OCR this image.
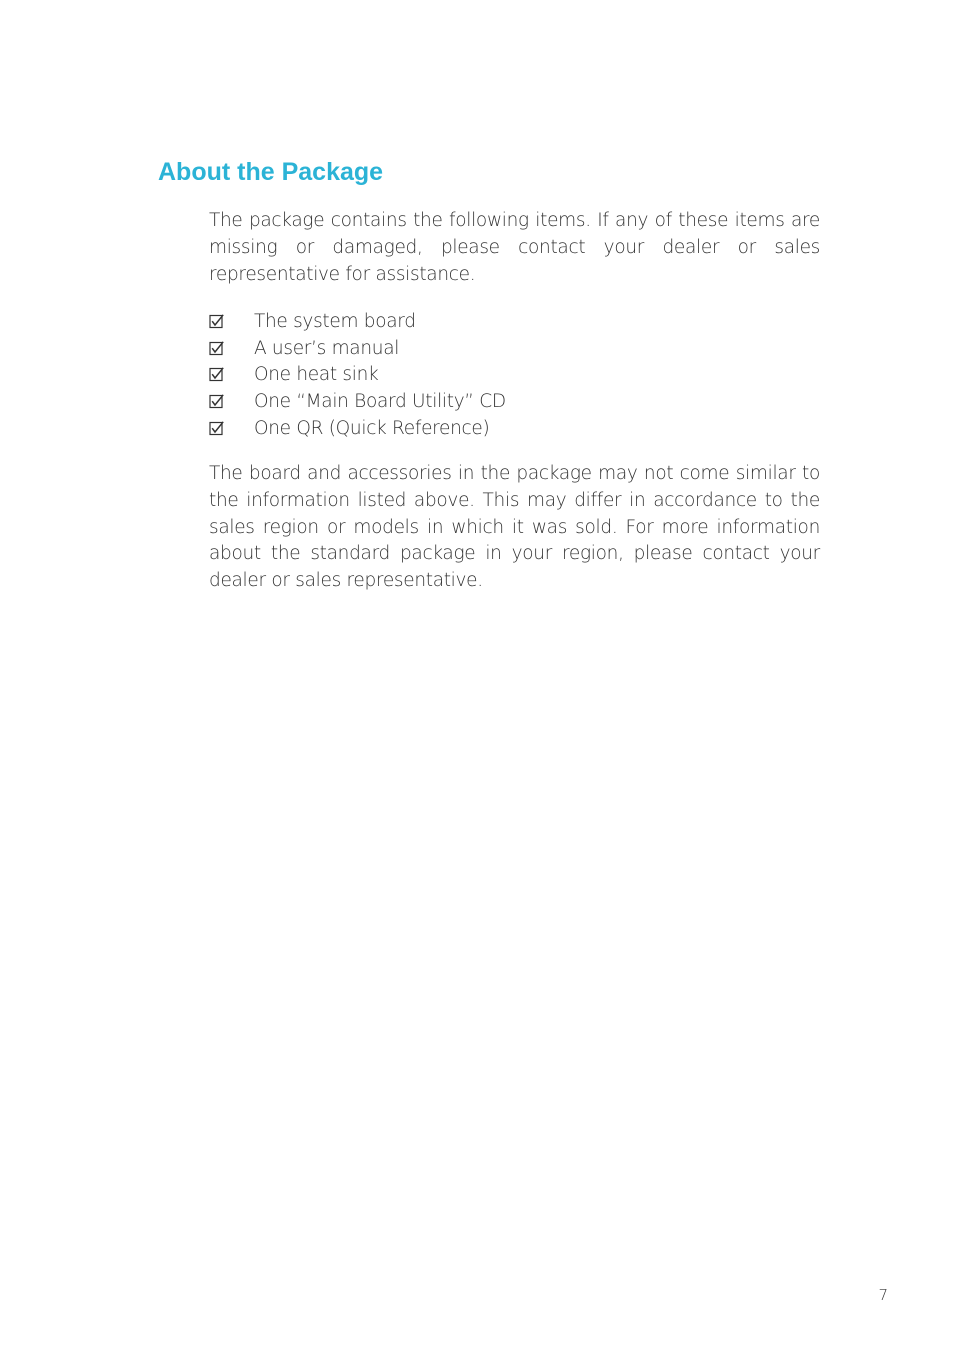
About the Package

The package contains the following items. If any of these items are missing or damaged, please contact your dealer or sales representative for assistance.

The system board
A user’s manual
One heat sink
One “Main Board Utility” CD
One QR (Quick Reference)

The board and accessories in the package may not come similar to the information listed above. This may differ in accordance to the sales region or models in which it was sold. For more information about the standard package in your region, please contact your dealer or sales representative.

7
